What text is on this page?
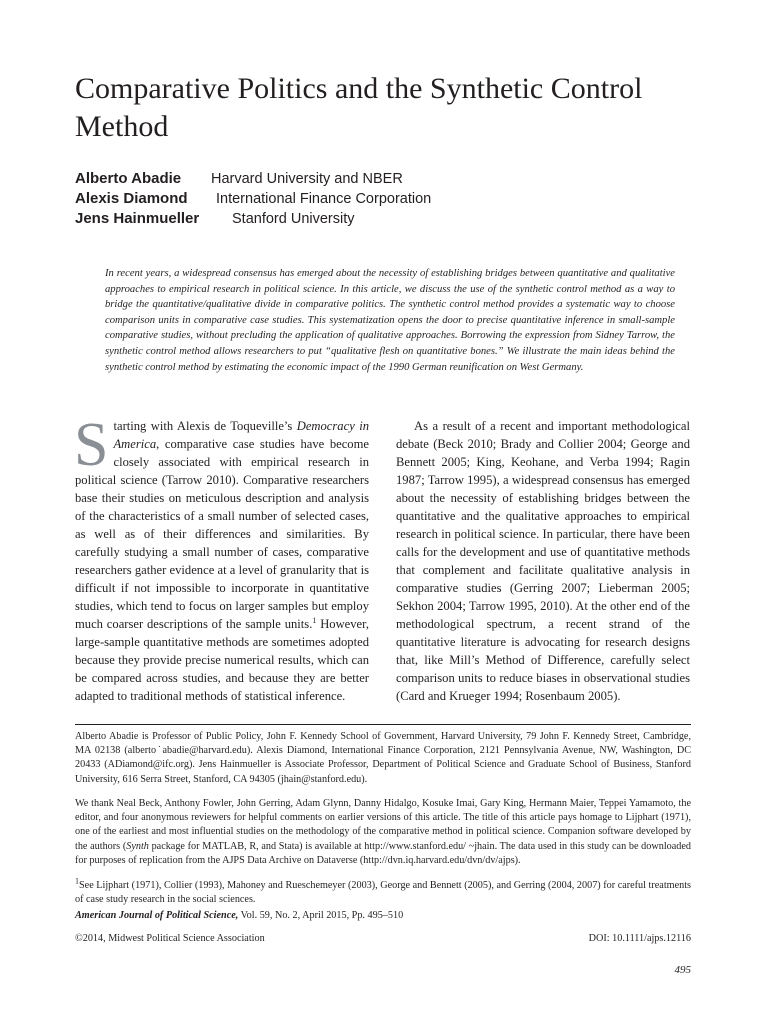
Comparative Politics and the Synthetic Control Method
Alberto Abadie Harvard University and NBER
Alexis Diamond International Finance Corporation
Jens Hainmueller Stanford University

In recent years, a widespread consensus has emerged about the necessity of establishing bridges between quantitative and qualitative approaches to empirical research in political science. In this article, we discuss the use of the synthetic control method as a way to bridge the quantitative/qualitative divide in comparative politics. The synthetic control method provides a systematic way to choose comparison units in comparative case studies. This systematization opens the door to precise quantitative inference in small-sample comparative studies, without precluding the application of qualitative approaches. Borrowing the expression from Sidney Tarrow, the synthetic control method allows researchers to put “qualitative flesh on quantitative bones.” We illustrate the main ideas behind the synthetic control method by estimating the economic impact of the 1990 German reunification on West Germany.

Starting with Alexis de Toqueville’s Democracy in America, comparative case studies have become closely associated with empirical research in political science (Tarrow 2010). Comparative researchers base their studies on meticulous description and analysis of the characteristics of a small number of selected cases, as well as of their differences and similarities. By carefully studying a small number of cases, comparative researchers gather evidence at a level of granularity that is difficult if not impossible to incorporate in quantitative studies, which tend to focus on larger samples but employ much coarser descriptions of the sample units.$^1$ However, large-sample quantitative methods are sometimes adopted because they provide precise numerical results, which can be compared across studies, and because they are better adapted to traditional methods of statistical inference.

As a result of a recent and important methodological debate (Beck 2010; Brady and Collier 2004; George and Bennett 2005; King, Keohane, and Verba 1994; Ragin 1987; Tarrow 1995), a widespread consensus has emerged about the necessity of establishing bridges between the quantitative and the qualitative approaches to empirical research in political science. In particular, there have been calls for the development and use of quantitative methods that complement and facilitate qualitative analysis in comparative studies (Gerring 2007; Lieberman 2005; Sekhon 2004; Tarrow 1995, 2010). At the other end of the methodological spectrum, a recent strand of the quantitative literature is advocating for research designs that, like Mill’s Method of Difference, carefully select comparison units to reduce biases in observational studies (Card and Krueger 1994; Rosenbaum 2005).

Alberto Abadie is Professor of Public Policy, John F. Kennedy School of Government, Harvard University, 79 John F. Kennedy Street, Cambridge, MA 02138 (alberto˙abadie@harvard.edu). Alexis Diamond, International Finance Corporation, 2121 Pennsylvania Avenue, NW, Washington, DC 20433 (ADiamond@ifc.org). Jens Hainmueller is Associate Professor, Department of Political Science and Graduate School of Business, Stanford University, 616 Serra Street, Stanford, CA 94305 (jhain@stanford.edu).

We thank Neal Beck, Anthony Fowler, John Gerring, Adam Glynn, Danny Hidalgo, Kosuke Imai, Gary King, Hermann Maier, Teppei Yamamoto, the editor, and four anonymous reviewers for helpful comments on earlier versions of this article. The title of this article pays homage to Lijphart (1971), one of the earliest and most influential studies on the methodology of the comparative method in political science. Companion software developed by the authors (Synth package for MATLAB, R, and Stata) is available at http://www.stanford.edu/ ~jhain. The data used in this study can be downloaded for purposes of replication from the AJPS Data Archive on Dataverse (http://dvn.iq.harvard.edu/dvn/dv/ajps).

$^1$See Lijphart (1971), Collier (1993), Mahoney and Rueschemeyer (2003), George and Bennett (2005), and Gerring (2004, 2007) for careful treatments of case study research in the social sciences.

American Journal of Political Science, Vol. 59, No. 2, April 2015, Pp. 495–510
©2014, Midwest Political Science Association	DOI: 10.1111/ajps.12116
495
